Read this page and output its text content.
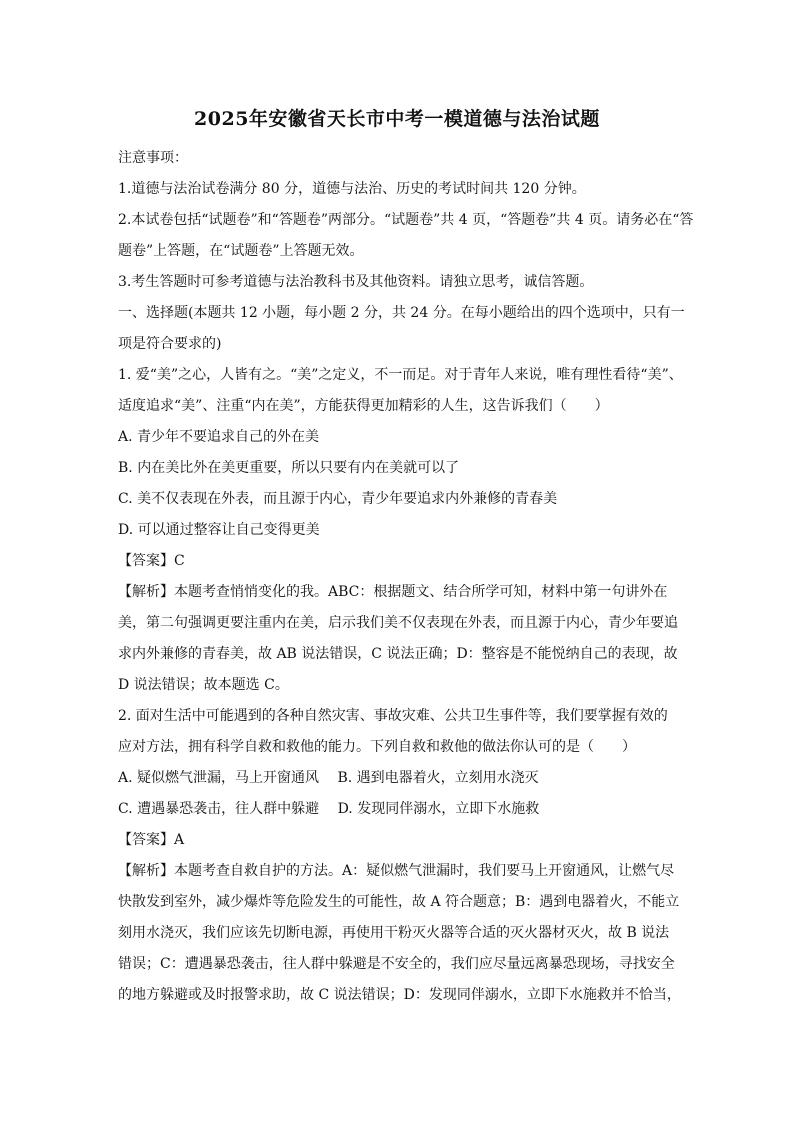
2025年安徽省天长市中考一模道德与法治试题
注意事项：
1.道德与法治试卷满分 80 分，道德与法治、历史的考试时间共 120 分钟。
2.本试卷包括“试题卷”和“答题卷”两部分。“试题卷”共 4 页，“答题卷”共 4 页。请务必在“答
题卷”上答题，在“试题卷”上答题无效。
3.考生答题时可参考道德与法治教科书及其他资料。请独立思考，诚信答题。
一、选择题(本题共 12 小题，每小题 2 分，共 24 分。在每小题给出的四个选项中，只有一
项是符合要求的)
1. 爱“美”之心，人皆有之。“美”之定义，不一而足。对于青年人来说，唯有理性看待“美”、
适度追求“美”、注重“内在美”，方能获得更加精彩的人生，这告诉我们（　　）
A. 青少年不要追求自己的外在美
B. 内在美比外在美更重要，所以只要有内在美就可以了
C. 美不仅表现在外表，而且源于内心，青少年要追求内外兼修的青春美
D. 可以通过整容让自己变得更美
【答案】C
【解析】本题考查悄悄变化的我。ABC：根据题文、结合所学可知，材料中第一句讲外在
美，第二句强调更要注重内在美，启示我们美不仅表现在外表，而且源于内心，青少年要追
求内外兼修的青春美，故 AB 说法错误，C 说法正确；D：整容是不能悦纳自己的表现，故
D 说法错误；故本题选 C。
2. 面对生活中可能遇到的各种自然灾害、事故灾难、公共卫生事件等，我们要掌握有效的
应对方法，拥有科学自救和救他的能力。下列自救和救他的做法你认可的是（　　）
A. 疑似燃气泄漏，马上开窗通风　 B. 遇到电器着火，立刻用水浇灭
C. 遭遇暴恐袭击，往人群中躲避　 D. 发现同伴溺水，立即下水施救
【答案】A
【解析】本题考查自救自护的方法。A：疑似燃气泄漏时，我们要马上开窗通风，让燃气尽
快散发到室外，减少爆炸等危险发生的可能性，故 A 符合题意；B：遇到电器着火，不能立
刻用水浇灭，我们应该先切断电源，再使用干粉灭火器等合适的灭火器材灭火，故 B 说法
错误；C：遭遇暴恐袭击，往人群中躲避是不安全的，我们应尽量远离暴恐现场，寻找安全
的地方躲避或及时报警求助，故 C 说法错误；D：发现同伴溺水，立即下水施救并不恰当，
